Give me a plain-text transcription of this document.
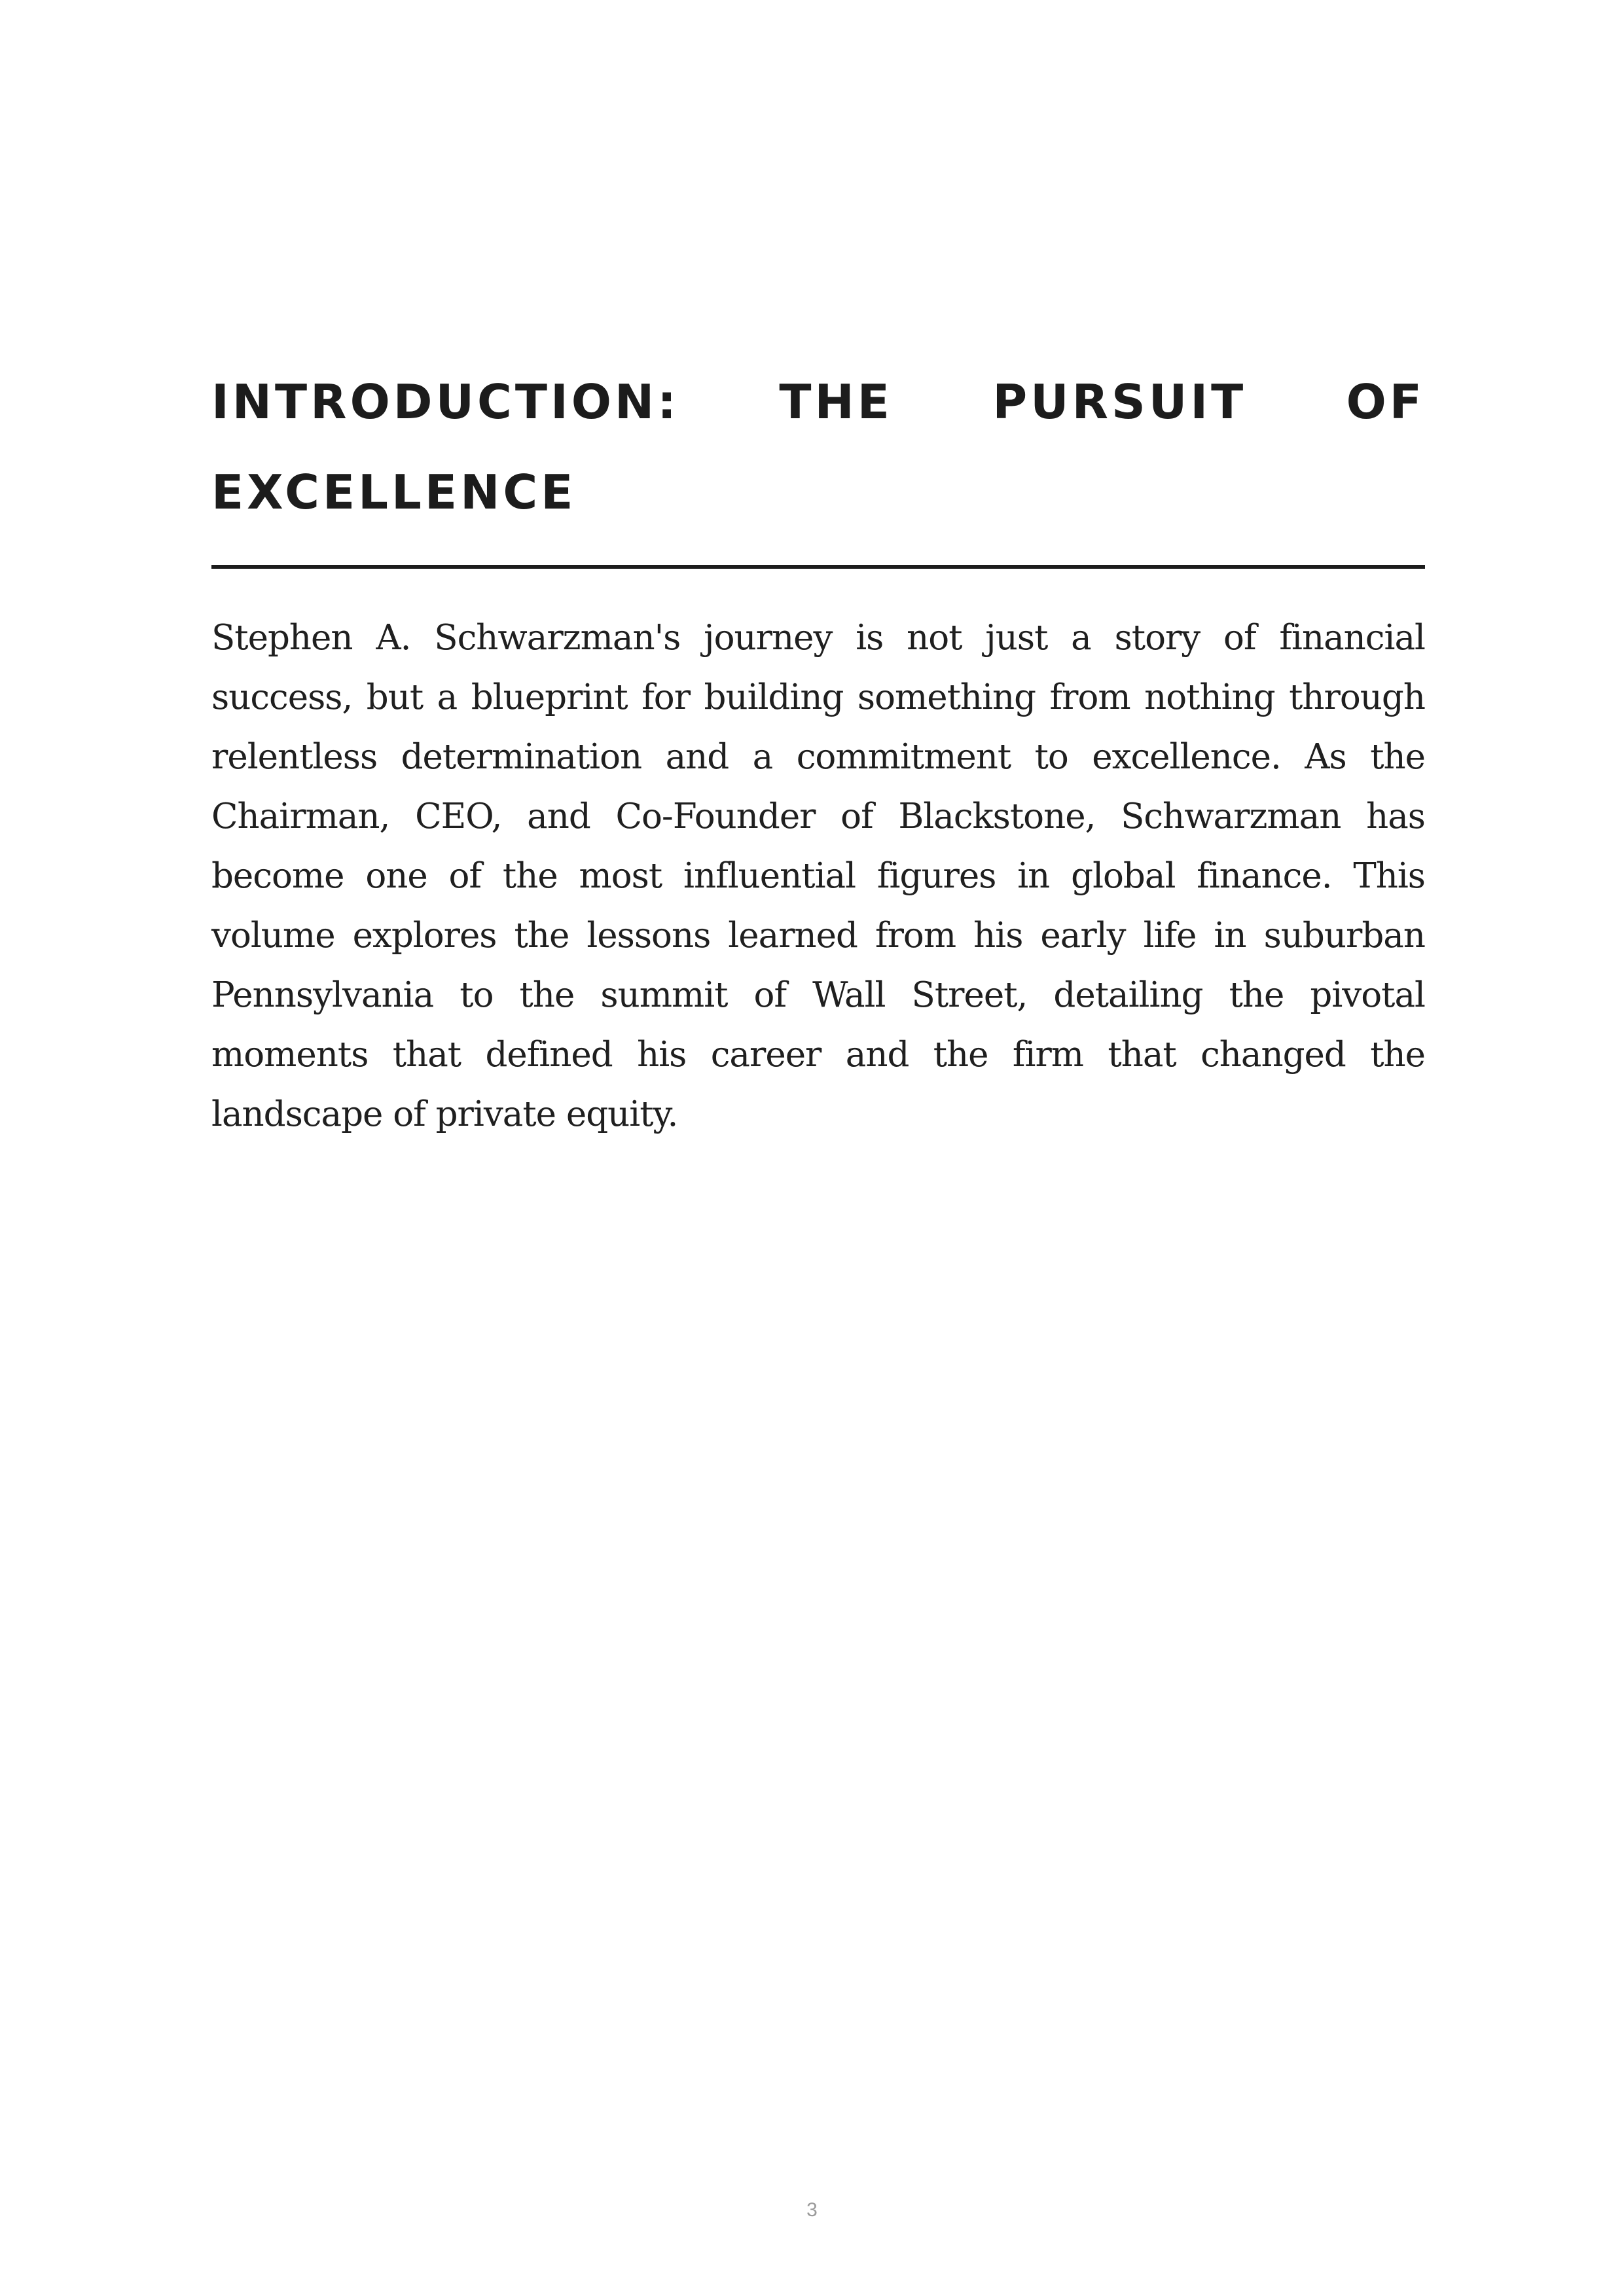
INTRODUCTION: THE PURSUIT OF EXCELLENCE

Stephen A. Schwarzman's journey is not just a story of financial success, but a blueprint for building something from nothing through relentless determination and a commitment to excellence. As the Chairman, CEO, and Co-Founder of Blackstone, Schwarzman has become one of the most influential figures in global finance. This volume explores the lessons learned from his early life in suburban Pennsylvania to the summit of Wall Street, detailing the pivotal moments that defined his career and the firm that changed the landscape of private equity.

3
